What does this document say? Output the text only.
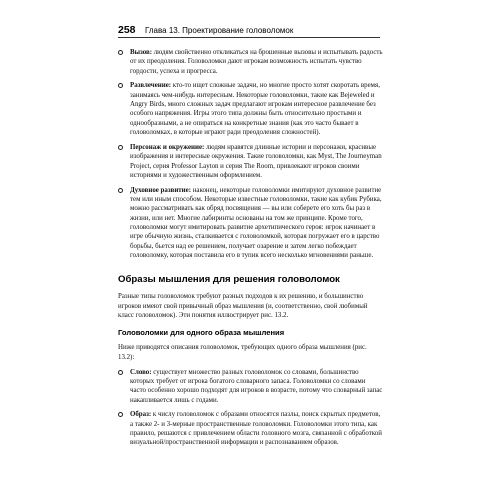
258 Глава 13. Проектирование головоломок
Вызов: людям свойственно откликаться на брошенные вызовы и испытывать радость от их преодоления. Головоломки дают игрокам возможность испытать чувство гордости, успеха и прогресса.
Развлечение: кто-то ищет сложные задачи, но многие просто хотят скоротать время, занимаясь чем-нибудь интересным. Некоторые головоломки, такие как Bejeweled и Angry Birds, много сложных задач предлагают игрокам интересное развлечение без особого напряжения. Игры этого типа должны быть относительно простыми и однообразными, а не опираться на конкретные знания (как это часто бывает в головоломках, в которые играют ради преодоления сложностей).
Персонаж и окружение: людям нравятся длинные истории и персонажи, красивые изображения и интересные окружения. Такие головоломки, как Myst, The Journeyman Project, серия Professor Layton и серия The Room, привлекают игроков своими историями и художественным оформлением.
Духовное развитие: наконец, некоторые головоломки имитируют духовное развитие тем или иным способом. Некоторые известные головоломки, такие как кубик Рубика, можно рассматривать как обряд посвящения — вы или соберете его хоть бы раз в жизни, или нет. Многие лабиринты основаны на том же принципе. Кроме того, головоломки могут имитировать развитие архетипического героя: игрок начинает в игре обычную жизнь, сталкивается с головоломкой, которая погружает его в царство борьбы, бьется над ее решением, получает озарение и затем легко побеждает головоломку, которая поставила его в тупик всего несколько мгновениями раньше.
Образы мышления для решения головоломок
Разные типы головоломок требуют разных подходов к их решению, и большинство игроков имеют свой привычный образ мышления (и, соответственно, свой любимый класс головоломок). Эти понятия иллюстрирует рис. 13.2.
Головоломки для одного образа мышления
Ниже приводятся описания головоломок, требующих одного образа мышления (рис. 13.2):
Слово: существует множество разных головоломок со словами, большинство которых требует от игрока богатого словарного запаса. Головоломки со словами часто особенно хорошо подходят для игроков в возрасте, потому что словарный запас накапливается лишь с годами.
Образ: к числу головоломок с образами относятся пазлы, поиск скрытых предметов, а также 2- и 3-мерные пространственные головоломки. Головоломки этого типа, как правило, решаются с привлечением области головного мозга, связанной с обработкой визуальной/пространственной информации и распознаванием образов.
